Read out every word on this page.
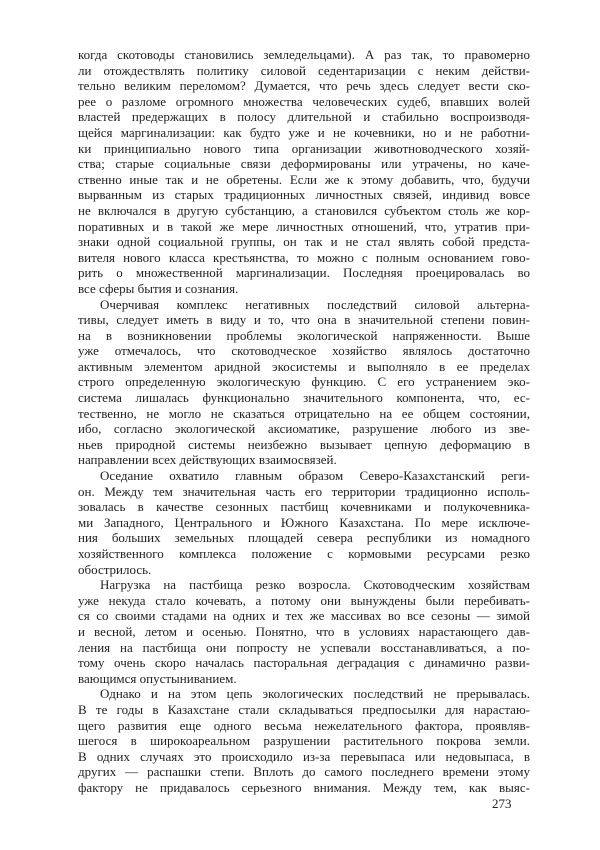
когда скотоводы становились земледельцами). А раз так, то правомерно
ли отождествлять политику силовой седентаризации с неким действи-
тельно великим переломом? Думается, что речь здесь следует вести ско-
рее о разломе огромного множества человеческих судеб, впавших волей
властей предержащих в полосу длительной и стабильно воспроизводя-
щейся маргинализации: как будто уже и не кочевники, но и не работни-
ки принципиально нового типа организации животноводческого хозяй-
ства; старые социальные связи деформированы или утрачены, но каче-
ственно иные так и не обретены. Если же к этому добавить, что, будучи
вырванным из старых традиционных личностных связей, индивид вовсе
не включался в другую субстанцию, а становился субъектом столь же кор-
поративных и в такой же мере личностных отношений, что, утратив при-
знаки одной социальной группы, он так и не стал являть собой предста-
вителя нового класса крестьянства, то можно с полным основанием гово-
рить о множественной маргинализации. Последняя проецировалась во
все сферы бытия и сознания.
Очерчивая комплекс негативных последствий силовой альтерна-
тивы, следует иметь в виду и то, что она в значительной степени повин-
на в возникновении проблемы экологической напряженности. Выше
уже отмечалось, что скотоводческое хозяйство являлось достаточно
активным элементом аридной экосистемы и выполняло в ее пределах
строго определенную экологическую функцию. С его устранением эко-
система лишалась функционально значительного компонента, что, ес-
тественно, не могло не сказаться отрицательно на ее общем состоянии,
ибо, согласно экологической аксиоматике, разрушение любого из зве-
ньев природной системы неизбежно вызывает цепную деформацию в
направлении всех действующих взаимосвязей.
Оседание охватило главным образом Северо-Казахстанский реги-
он. Между тем значительная часть его территории традиционно исполь-
зовалась в качестве сезонных пастбищ кочевниками и полукочевника-
ми Западного, Центрального и Южного Казахстана. По мере исключе-
ния больших земельных площадей севера республики из номадного
хозяйственного комплекса положение с кормовыми ресурсами резко
обострилось.
Нагрузка на пастбища резко возросла. Скотоводческим хозяйствам
уже некуда стало кочевать, а потому они вынуждены были перебивать-
ся со своими стадами на одних и тех же массивах во все сезоны — зимой
и весной, летом и осенью. Понятно, что в условиях нарастающего дав-
ления на пастбища они попросту не успевали восстанавливаться, а по-
тому очень скоро началась пасторальная деградация с динамично разви-
вающимся опустыниванием.
Однако и на этом цепь экологических последствий не прерывалась.
В те годы в Казахстане стали складываться предпосылки для нарастаю-
щего развития еще одного весьма нежелательного фактора, проявляв-
шегося в широкоареальном разрушении растительного покрова земли.
В одних случаях это происходило из-за перевыпаса или недовыпаса, в
других — распашки степи. Вплоть до самого последнего времени этому
фактору не придавалось серьезного внимания. Между тем, как выяс-
273
